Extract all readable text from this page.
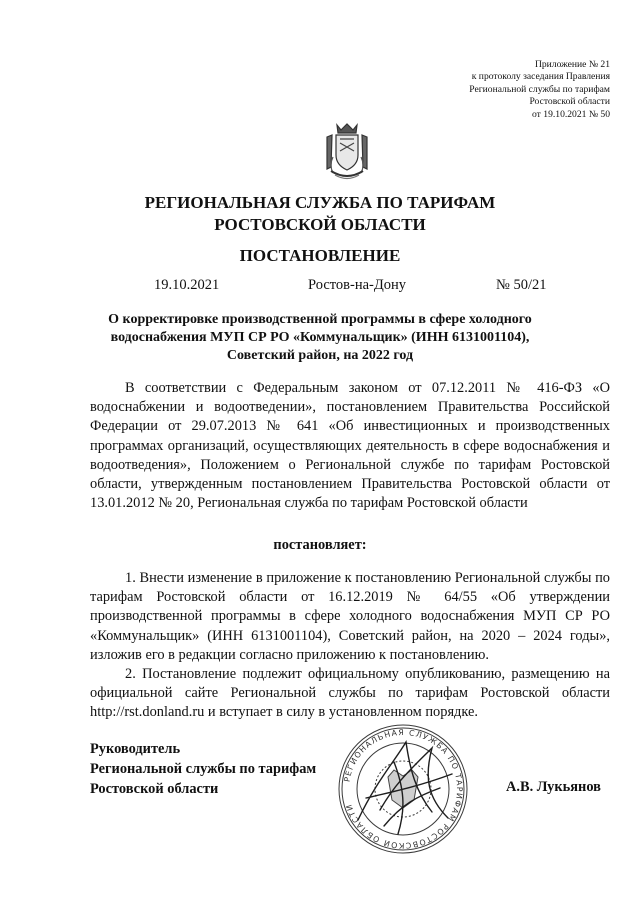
Приложение № 21
к протоколу заседания Правления
Региональной службы по тарифам
Ростовской области
от 19.10.2021 № 50
РЕГИОНАЛЬНАЯ СЛУЖБА ПО ТАРИФАМ
РОСТОВСКОЙ ОБЛАСТИ
ПОСТАНОВЛЕНИЕ
19.10.2021	Ростов-на-Дону	№ 50/21
О корректировке производственной программы в сфере холодного
водоснабжения МУП СР РО «Коммунальщик» (ИНН 6131001104),
Советский район, на 2022 год

В соответствии с Федеральным законом от 07.12.2011 № 416-ФЗ «О водоснабжении и водоотведении», постановлением Правительства Российской Федерации от 29.07.2013 № 641 «Об инвестиционных и производственных программах организаций, осуществляющих деятельность в сфере водоснабжения и водоотведения», Положением о Региональной службе по тарифам Ростовской области, утвержденным постановлением Правительства Ростовской области от 13.01.2012 № 20, Региональная служба по тарифам Ростовской области

постановляет:

1. Внести изменение в приложение к постановлению Региональной службы по тарифам Ростовской области от 16.12.2019 № 64/55 «Об утверждении производственной программы в сфере холодного водоснабжения МУП СР РО «Коммунальщик» (ИНН 6131001104), Советский район, на 2020 – 2024 годы», изложив его в редакции согласно приложению к постановлению.

2. Постановление подлежит официальному опубликованию, размещению на официальной сайте Региональной службы по тарифам Ростовской области http://rst.donland.ru и вступает в силу в установленном порядке.

РЕГИОНАЛЬНАЯ СЛУЖБА ПО ТАРИФАМ РОСТОВСКОЙ ОБЛАСТИ
Руководитель
Региональной службы по тарифам
Ростовской области	А.В. Лукьянов
